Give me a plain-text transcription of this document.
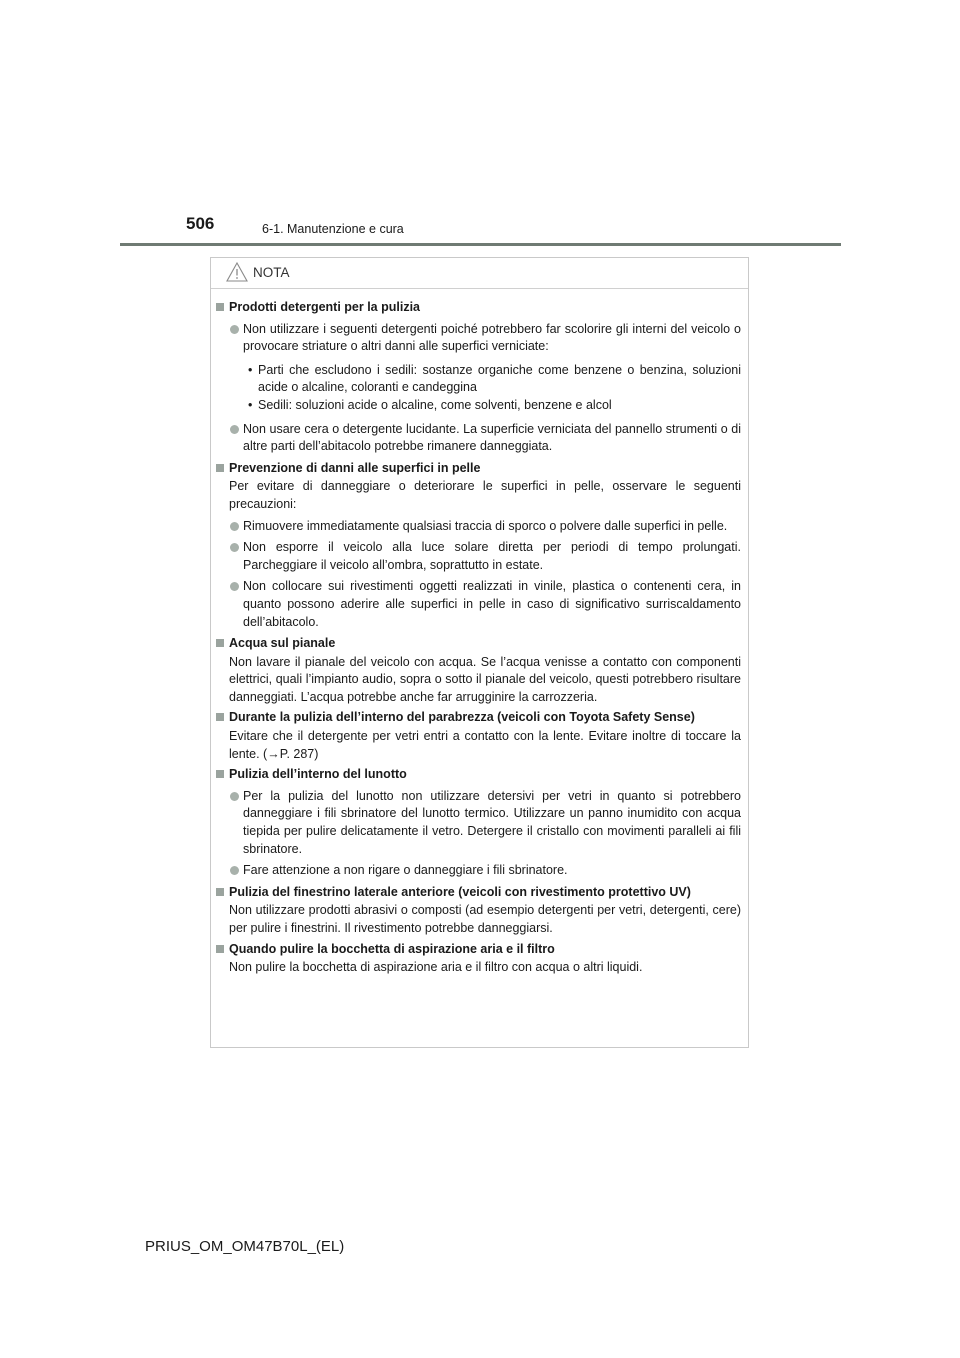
506	6-1. Manutenzione e cura
NOTA
Prodotti detergenti per la pulizia
Non utilizzare i seguenti detergenti poiché potrebbero far scolorire gli interni del veicolo o provocare striature o altri danni alle superfici verniciate:
• Parti che escludono i sedili: sostanze organiche come benzene o benzina, soluzioni acide o alcaline, coloranti e candeggina
• Sedili: soluzioni acide o alcaline, come solventi, benzene e alcol
Non usare cera o detergente lucidante. La superficie verniciata del pannello strumenti o di altre parti dell’abitacolo potrebbe rimanere danneggiata.
Prevenzione di danni alle superfici in pelle
Per evitare di danneggiare o deteriorare le superfici in pelle, osservare le seguenti precauzioni:
Rimuovere immediatamente qualsiasi traccia di sporco o polvere dalle superfici in pelle.
Non esporre il veicolo alla luce solare diretta per periodi di tempo prolungati. Parcheggiare il veicolo all’ombra, soprattutto in estate.
Non collocare sui rivestimenti oggetti realizzati in vinile, plastica o contenenti cera, in quanto possono aderire alle superfici in pelle in caso di significativo surriscaldamento dell’abitacolo.
Acqua sul pianale
Non lavare il pianale del veicolo con acqua. Se l’acqua venisse a contatto con componenti elettrici, quali l’impianto audio, sopra o sotto il pianale del veicolo, questi potrebbero risultare danneggiati. L’acqua potrebbe anche far arrugginire la carrozzeria.
Durante la pulizia dell’interno del parabrezza (veicoli con Toyota Safety Sense)
Evitare che il detergente per vetri entri a contatto con la lente. Evitare inoltre di toccare la lente. (→P. 287)
Pulizia dell’interno del lunotto
Per la pulizia del lunotto non utilizzare detersivi per vetri in quanto si potrebbero danneggiare i fili sbrinatore del lunotto termico. Utilizzare un panno inumidito con acqua tiepida per pulire delicatamente il vetro. Detergere il cristallo con movimenti paralleli ai fili sbrinatore.
Fare attenzione a non rigare o danneggiare i fili sbrinatore.
Pulizia del finestrino laterale anteriore (veicoli con rivestimento protettivo UV)
Non utilizzare prodotti abrasivi o composti (ad esempio detergenti per vetri, detergenti, cere) per pulire i finestrini. Il rivestimento potrebbe danneggiarsi.
Quando pulire la bocchetta di aspirazione aria e il filtro
Non pulire la bocchetta di aspirazione aria e il filtro con acqua o altri liquidi.
PRIUS_OM_OM47B70L_(EL)
